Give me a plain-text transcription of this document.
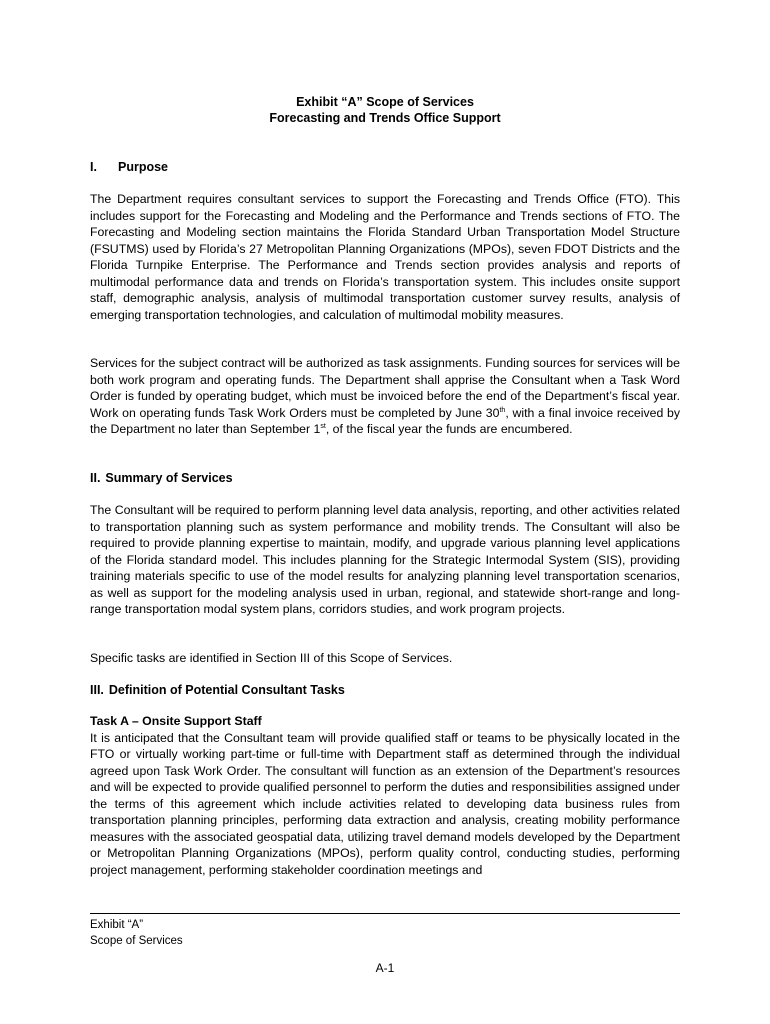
Exhibit “A” Scope of Services
Forecasting and Trends Office Support
I. Purpose

The Department requires consultant services to support the Forecasting and Trends Office (FTO). This includes support for the Forecasting and Modeling and the Performance and Trends sections of FTO. The Forecasting and Modeling section maintains the Florida Standard Urban Transportation Model Structure (FSUTMS) used by Florida’s 27 Metropolitan Planning Organizations (MPOs), seven FDOT Districts and the Florida Turnpike Enterprise. The Performance and Trends section provides analysis and reports of multimodal performance data and trends on Florida’s transportation system. This includes onsite support staff, demographic analysis, analysis of multimodal transportation customer survey results, analysis of emerging transportation technologies, and calculation of multimodal mobility measures.

Services for the subject contract will be authorized as task assignments. Funding sources for services will be both work program and operating funds. The Department shall apprise the Consultant when a Task Word Order is funded by operating budget, which must be invoiced before the end of the Department’s fiscal year. Work on operating funds Task Work Orders must be completed by June 30th, with a final invoice received by the Department no later than September 1st, of the fiscal year the funds are encumbered.

II. Summary of Services

The Consultant will be required to perform planning level data analysis, reporting, and other activities related to transportation planning such as system performance and mobility trends. The Consultant will also be required to provide planning expertise to maintain, modify, and upgrade various planning level applications of the Florida standard model. This includes planning for the Strategic Intermodal System (SIS), providing training materials specific to use of the model results for analyzing planning level transportation scenarios, as well as support for the modeling analysis used in urban, regional, and statewide short-range and long-range transportation modal system plans, corridors studies, and work program projects.

Specific tasks are identified in Section III of this Scope of Services.

III. Definition of Potential Consultant Tasks

Task A – Onsite Support Staff
It is anticipated that the Consultant team will provide qualified staff or teams to be physically located in the FTO or virtually working part-time or full-time with Department staff as determined through the individual agreed upon Task Work Order. The consultant will function as an extension of the Department’s resources and will be expected to provide qualified personnel to perform the duties and responsibilities assigned under the terms of this agreement which include activities related to developing data business rules from transportation planning principles, performing data extraction and analysis, creating mobility performance measures with the associated geospatial data, utilizing travel demand models developed by the Department or Metropolitan Planning Organizations (MPOs), perform quality control, conducting studies, performing project management, performing stakeholder coordination meetings and

Exhibit “A”
Scope of Services
A-1
